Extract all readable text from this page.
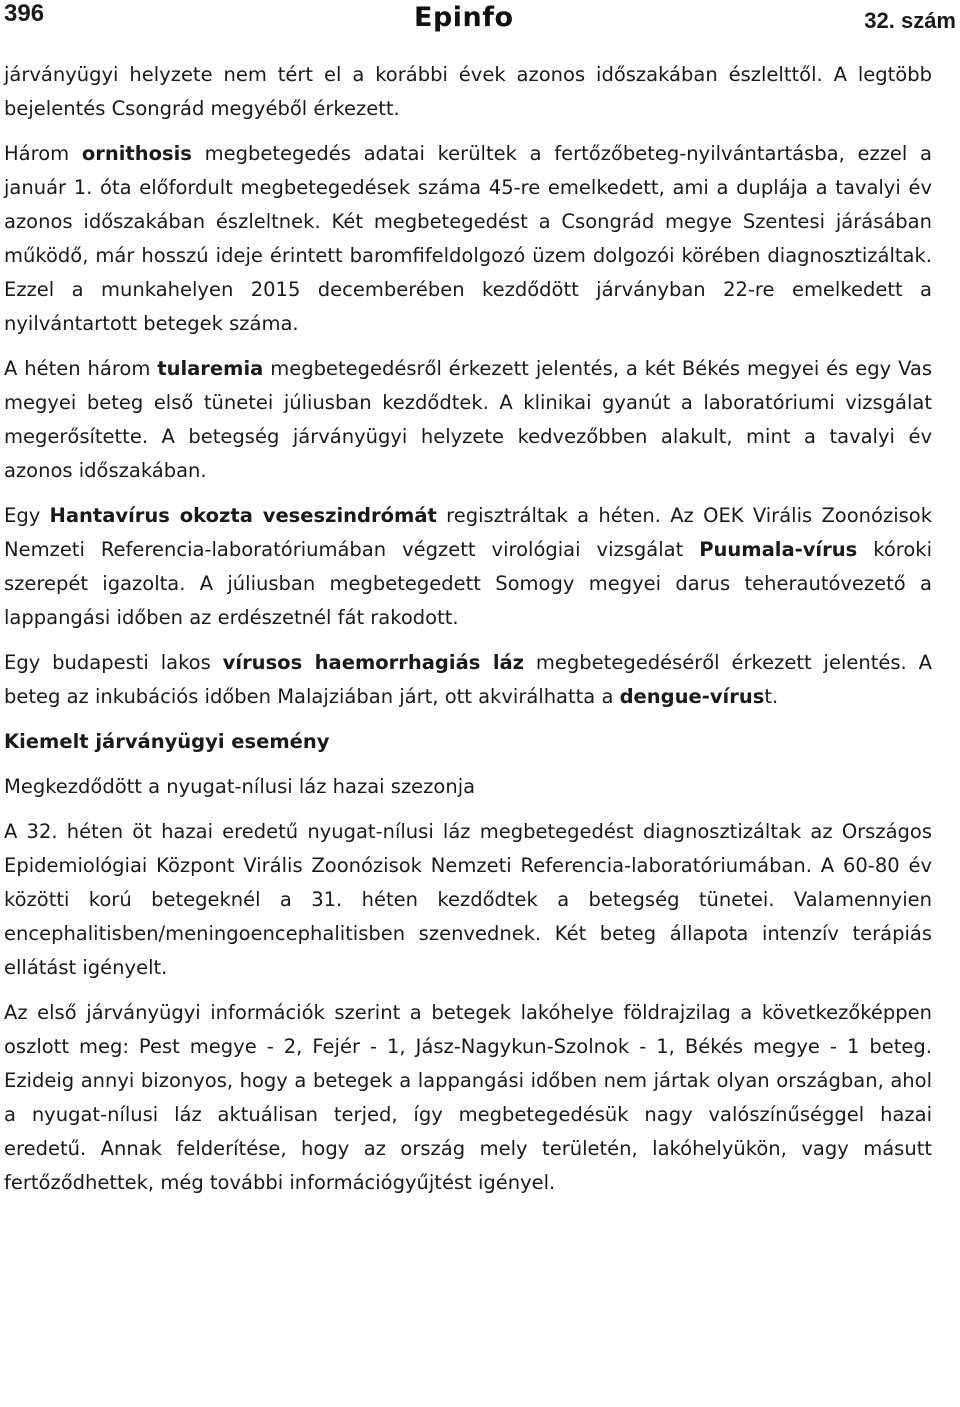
396	Epinfo	32. szám

járványügyi helyzete nem tért el a korábbi évek azonos időszakában észlelttől. A legtöbb bejelentés Csongrád megyéből érkezett.

Három ornithosis megbetegedés adatai kerültek a fertőzőbeteg-nyilvántartásba, ezzel a január 1. óta előfordult megbetegedések száma 45-re emelkedett, ami a duplája a tavalyi év azonos időszakában észleltnek. Két megbetegedést a Csongrád megye Szentesi járásában működő, már hosszú ideje érintett baromfifeldolgozó üzem dolgozói körében diagnosztizáltak. Ezzel a munkahelyen 2015 decemberében kezdődött járványban 22-re emelkedett a nyilvántartott betegek száma.

A héten három tularemia megbetegedésről érkezett jelentés, a két Békés megyei és egy Vas megyei beteg első tünetei júliusban kezdődtek. A klinikai gyanút a laboratóriumi vizsgálat megerősítette. A betegség járványügyi helyzete kedvezőbben alakult, mint a tavalyi év azonos időszakában.

Egy Hantavírus okozta veseszindrómát regisztráltak a héten. Az OEK Virális Zoonózisok Nemzeti Referencia-laboratóriumában végzett virológiai vizsgálat Puumala-vírus kóroki szerepét igazolta. A júliusban megbetegedett Somogy megyei darus teherautóvezető a lappangási időben az erdészetnél fát rakodott.

Egy budapesti lakos vírusos haemorrhagiás láz megbetegedéséről érkezett jelentés. A beteg az inkubációs időben Malajziában járt, ott akvirálhatta a dengue-vírust.

Kiemelt járványügyi esemény
Megkezdődött a nyugat-nílusi láz hazai szezonja

A 32. héten öt hazai eredetű nyugat-nílusi láz megbetegedést diagnosztizáltak az Országos Epidemiológiai Központ Virális Zoonózisok Nemzeti Referencia-laboratóriumában. A 60-80 év közötti korú betegeknél a 31. héten kezdődtek a betegség tünetei. Valamennyien encephalitisben/meningoencephalitisben szenvednek. Két beteg állapota intenzív terápiás ellátást igényelt.

Az első járványügyi információk szerint a betegek lakóhelye földrajzilag a következőképpen oszlott meg: Pest megye - 2, Fejér - 1, Jász-Nagykun-Szolnok - 1, Békés megye - 1 beteg. Ezideig annyi bizonyos, hogy a betegek a lappangási időben nem jártak olyan országban, ahol a nyugat-nílusi láz aktuálisan terjed, így megbetegedésük nagy valószínűséggel hazai eredetű. Annak felderítése, hogy az ország mely területén, lakóhelyükön, vagy másutt fertőződhettek, még további információgyűjtést igényel.
